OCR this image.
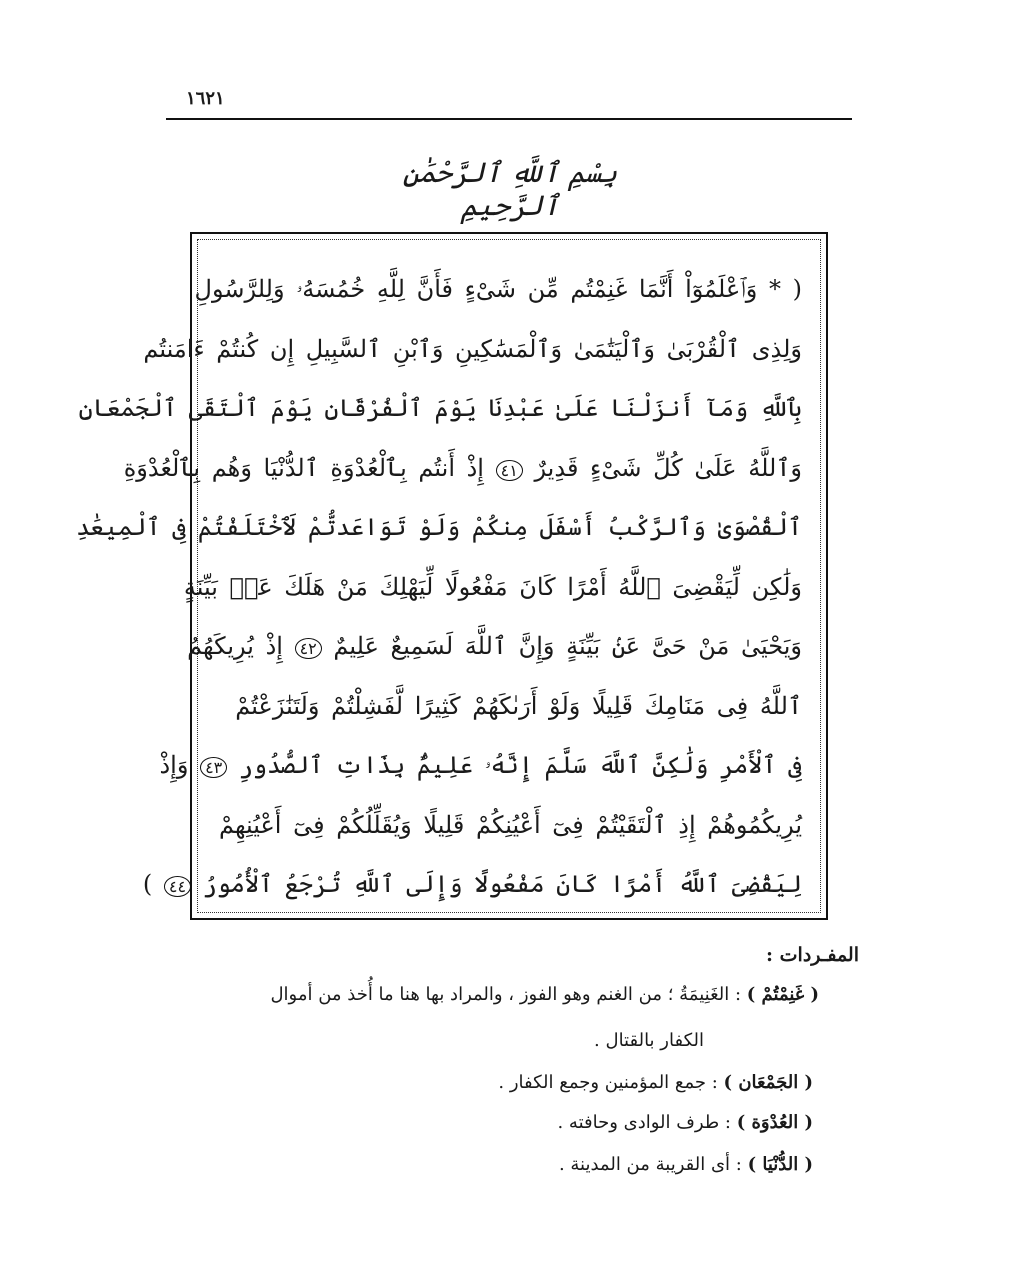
١٦٢١
بِسْمِ ٱللَّهِ ٱلرَّحْمَٰنِ ٱلرَّحِيمِ

( * وَٱعْلَمُوٓاْ أَنَّمَا غَنِمْتُم مِّن شَىْءٍ فَأَنَّ لِلَّهِ خُمُسَهُۥ وَلِلرَّسُولِ

وَلِذِى ٱلْقُرْبَىٰ وَٱلْيَتَٰمَىٰ وَٱلْمَسَٰكِينِ وَٱبْنِ ٱلسَّبِيلِ إِن كُنتُمْ ءَامَنتُم

بِٱللَّهِ وَمَآ أَنزَلْنَا عَلَىٰ عَبْدِنَا يَوْمَ ٱلْفُرْقَانِ يَوْمَ ٱلْتَقَى ٱلْجَمْعَانِ

وَٱللَّهُ عَلَىٰ كُلِّ شَىْءٍ قَدِيرٌ ٤١ إِذْ أَنتُم بِٱلْعُدْوَةِ ٱلدُّنْيَا وَهُم بِٱلْعُدْوَةِ

ٱلْقُصْوَىٰ وَٱلرَّكْبُ أَسْفَلَ مِنكُمْ وَلَوْ تَوَاعَدتُّمْ لَٱخْتَلَفْتُمْ فِى ٱلْمِيعَٰدِ

وَلَٰكِن لِّيَقْضِىَ ٱللَّهُ أَمْرًا كَانَ مَفْعُولًا لِّيَهْلِكَ مَنْ هَلَكَ عَنۢ بَيِّنَةٍ

وَيَحْيَىٰ مَنْ حَىَّ عَنۢ بَيِّنَةٍ وَإِنَّ ٱللَّهَ لَسَمِيعٌ عَلِيمٌ ٤٢ إِذْ يُرِيكَهُمُ

ٱللَّهُ فِى مَنَامِكَ قَلِيلًا وَلَوْ أَرَىٰكَهُمْ كَثِيرًا لَّفَشِلْتُمْ وَلَتَنَٰزَعْتُمْ

فِى ٱلْأَمْرِ وَلَٰكِنَّ ٱللَّهَ سَلَّمَ إِنَّهُۥ عَلِيمٌۢ بِذَاتِ ٱلصُّدُورِ ٤٣ وَإِذْ

يُرِيكُمُوهُمْ إِذِ ٱلْتَقَيْتُمْ فِىٓ أَعْيُنِكُمْ قَلِيلًا وَيُقَلِّلُكُمْ فِىٓ أَعْيُنِهِمْ

لِيَقْضِىَ ٱللَّهُ أَمْرًا كَانَ مَفْعُولًا وَإِلَى ٱللَّهِ تُرْجَعُ ٱلْأُمُورُ ٤٤ )

المفـردات :
( غَنِمْتُمْ ) : الغَنِيمَةُ ؛ من الغنم وهو الفوز ، والمراد بها هنا ما أُخذ من أموال
الكفار بالقتال .
( الجَمْعَان ) : جمع المؤمنين وجمع الكفار .
( العُدْوَة ) : طرف الوادى وحافته .
( الدُّنْيَا ) : أى القريبة من المدينة .
